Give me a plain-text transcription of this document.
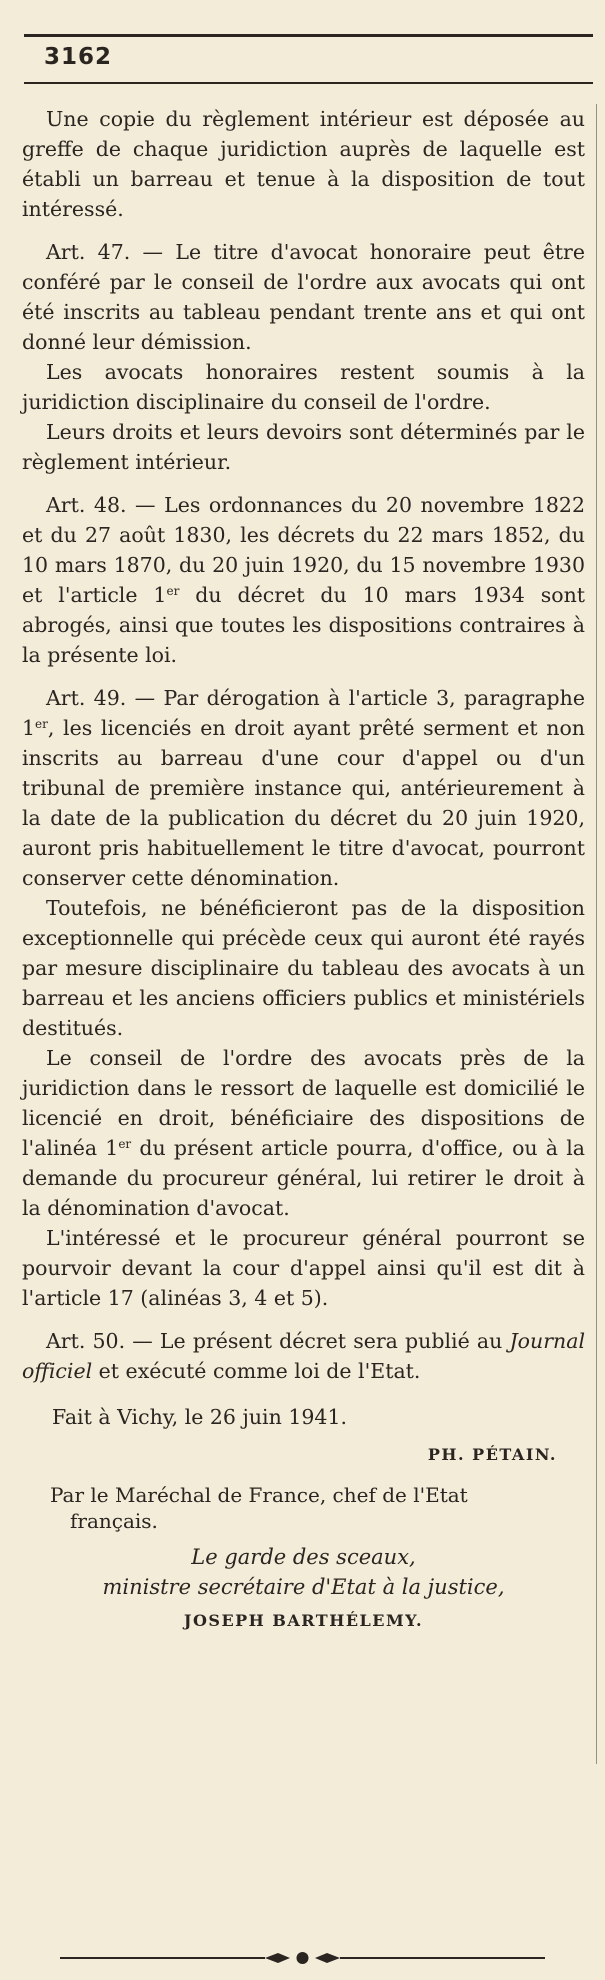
3162

Une copie du règlement intérieur est déposée au greffe de chaque juridiction auprès de laquelle est établi un barreau et tenue à la disposition de tout intéressé.

Art. 47. — Le titre d'avocat honoraire peut être conféré par le conseil de l'ordre aux avocats qui ont été inscrits au tableau pendant trente ans et qui ont donné leur démission.

Les avocats honoraires restent soumis à la juridiction disciplinaire du conseil de l'ordre.

Leurs droits et leurs devoirs sont déterminés par le règlement intérieur.

Art. 48. — Les ordonnances du 20 novembre 1822 et du 27 août 1830, les décrets du 22 mars 1852, du 10 mars 1870, du 20 juin 1920, du 15 novembre 1930 et l'article 1er du décret du 10 mars 1934 sont abrogés, ainsi que toutes les dispositions contraires à la présente loi.

Art. 49. — Par dérogation à l'article 3, paragraphe 1er, les licenciés en droit ayant prêté serment et non inscrits au barreau d'une cour d'appel ou d'un tribunal de première instance qui, antérieurement à la date de la publication du décret du 20 juin 1920, auront pris habituellement le titre d'avocat, pourront conserver cette dénomination.

Toutefois, ne bénéficieront pas de la disposition exceptionnelle qui précède ceux qui auront été rayés par mesure disciplinaire du tableau des avocats à un barreau et les anciens officiers publics et ministériels destitués.

Le conseil de l'ordre des avocats près de la juridiction dans le ressort de laquelle est domicilié le licencié en droit, bénéficiaire des dispositions de l'alinéa 1er du présent article pourra, d'office, ou à la demande du procureur général, lui retirer le droit à la dénomination d'avocat.

L'intéressé et le procureur général pourront se pourvoir devant la cour d'appel ainsi qu'il est dit à l'article 17 (alinéas 3, 4 et 5).

Art. 50. — Le présent décret sera publié au Journal officiel et exécuté comme loi de l'Etat.

Fait à Vichy, le 26 juin 1941.

PH. PÉTAIN.

Par le Maréchal de France, chef de l'Etat
français.

Le garde des sceaux,
ministre secrétaire d'Etat à la justice,

JOSEPH BARTHÉLEMY.
